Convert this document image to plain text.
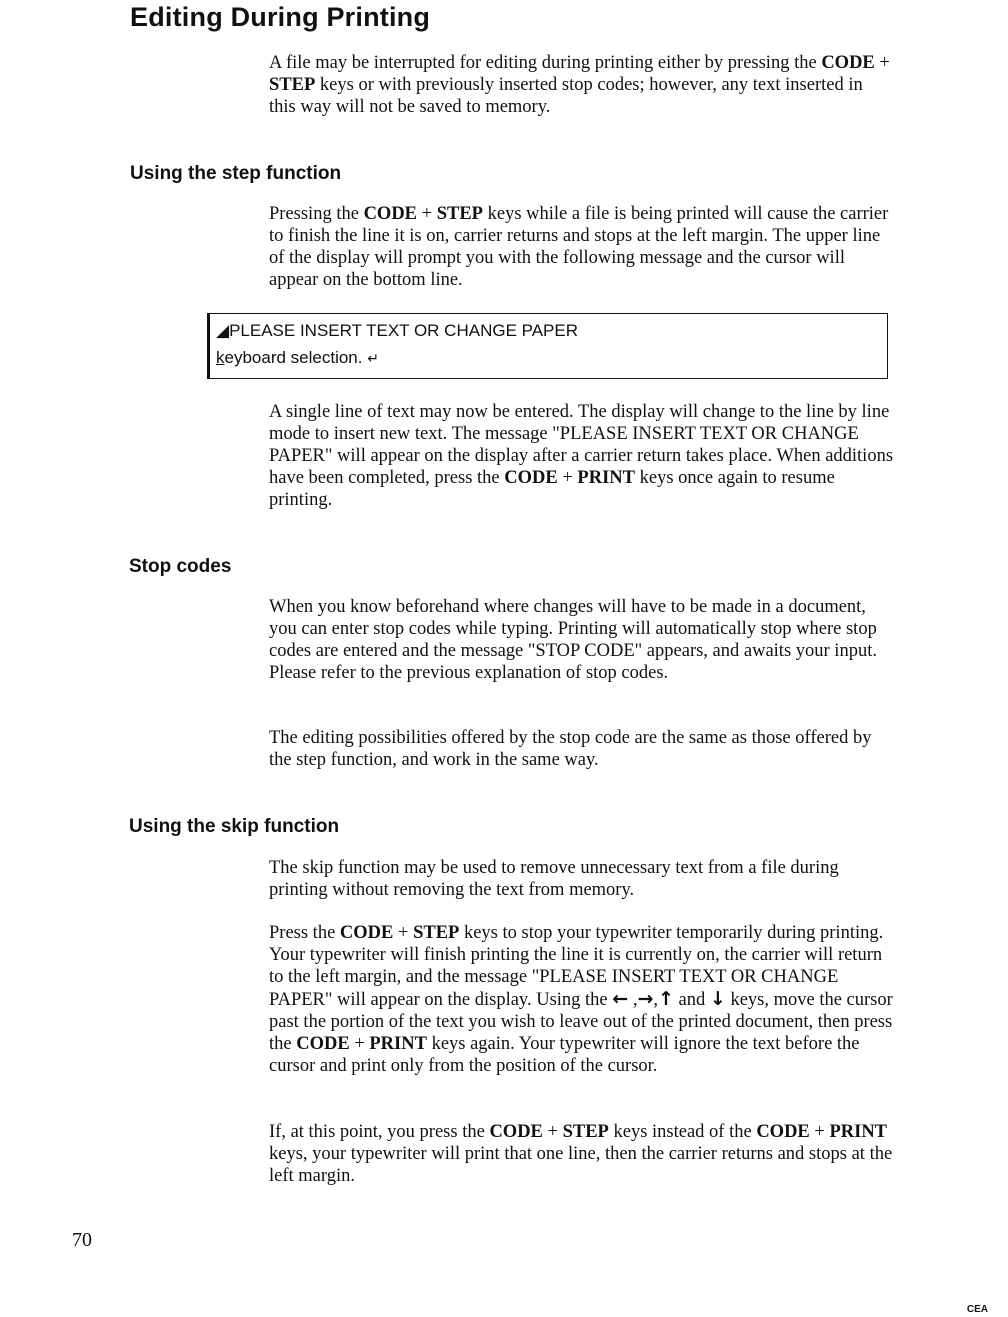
Editing During Printing

A file may be interrupted for editing during printing either by pressing the CODE + STEP keys or with previously inserted stop codes; however, any text inserted in this way will not be saved to memory.

Using the step function

Pressing the CODE + STEP keys while a file is being printed will cause the carrier to finish the line it is on, carrier returns and stops at the left margin. The upper line of the display will prompt you with the following message and the cursor will appear on the bottom line.

◢PLEASE INSERT TEXT OR CHANGE PAPER
keyboard selection. ↵

A single line of text may now be entered. The display will change to the line by line mode to insert new text. The message "PLEASE INSERT TEXT OR CHANGE PAPER" will appear on the display after a carrier return takes place. When additions have been completed, press the CODE + PRINT keys once again to resume printing.

Stop codes

When you know beforehand where changes will have to be made in a document, you can enter stop codes while typing. Printing will automatically stop where stop codes are entered and the message "STOP CODE" appears, and awaits your input. Please refer to the previous explanation of stop codes.

The editing possibilities offered by the stop code are the same as those offered by the step function, and work in the same way.

Using the skip function

The skip function may be used to remove unnecessary text from a file during printing without removing the text from memory.

Press the CODE + STEP keys to stop your typewriter temporarily during printing. Your typewriter will finish printing the line it is currently on, the carrier will return to the left margin, and the message "PLEASE INSERT TEXT OR CHANGE PAPER" will appear on the display. Using the ← ,→,↑ and ↓ keys, move the cursor past the portion of the text you wish to leave out of the printed document, then press the CODE + PRINT keys again. Your typewriter will ignore the text before the cursor and print only from the position of the cursor.

If, at this point, you press the CODE + STEP keys instead of the CODE + PRINT keys, your typewriter will print that one line, then the carrier returns and stops at the left margin.

70
CEA
